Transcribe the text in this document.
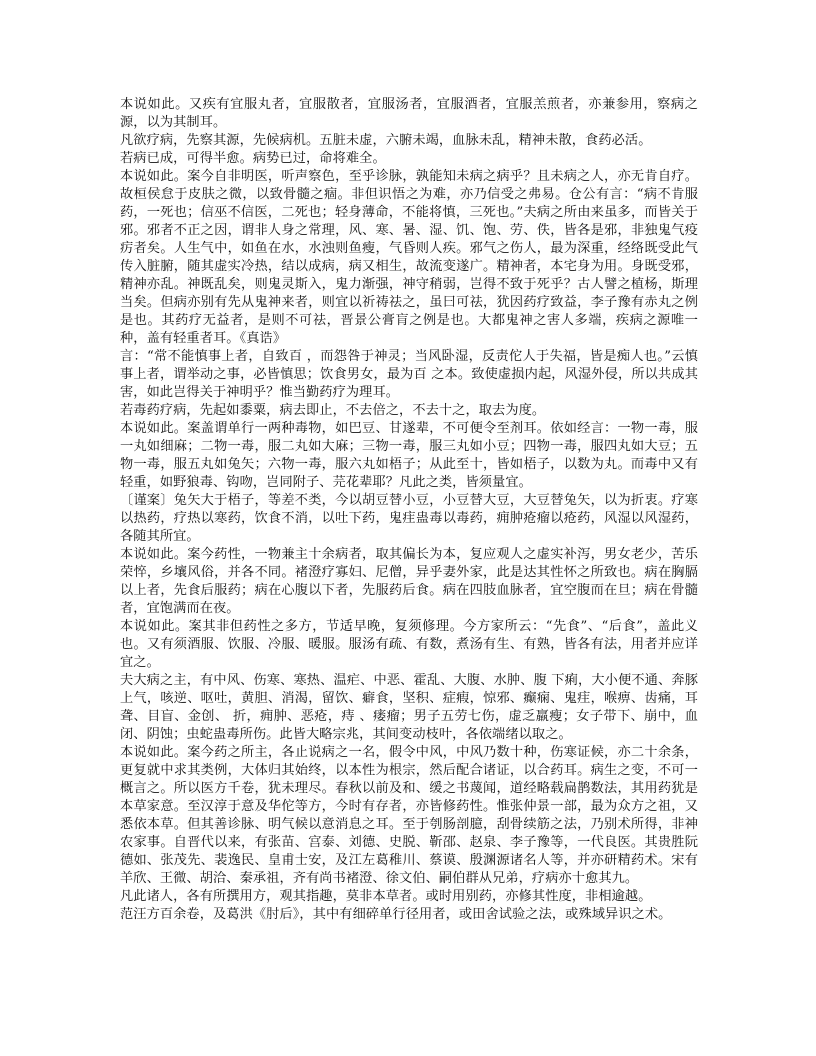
本说如此。又疾有宜服丸者，宜服散者，宜服汤者，宜服酒者，宜服羔煎者，亦兼参用，察病之源，以为其制耳。

凡欲疗病，先察其源，先候病机。五脏未虚，六腑未竭，血脉未乱，精神未散，食药必活。

若病已成，可得半愈。病势已过，命将难全。

本说如此。案今自非明医，听声察色，至乎诊脉，孰能知未病之病乎？且未病之人，亦无肯自疗。故桓侯怠于皮肤之微，以致骨髓之痼。非但识悟之为难，亦乃信受之弗易。仓公有言：“病不肯服药，一死也；信巫不信医，二死也；轻身薄命，不能将慎，三死也。”夫病之所由来虽多，而皆关于邪。邪者不正之因，谓非人身之常理，风、寒、暑、湿、饥、饱、劳、佚，皆各是邪，非独鬼气疫疠者矣。人生气中，如鱼在水，水浊则鱼瘦，气昏则人疾。邪气之伤人，最为深重，经络既受此气传入脏腑，随其虚实冷热，结以成病，病又相生，故流变遂广。精神者，本宅身为用。身既受邪，精神亦乱。神既乱矣，则鬼灵斯入，鬼力渐强，神守稍弱，岂得不致于死乎？古人譬之植杨，斯理当矣。但病亦别有先从鬼神来者，则宜以祈祷祛之，虽曰可祛，犹因药疗致益，李子豫有赤丸之例是也。其药疗无益者，是则不可祛，晋景公膏肓之例是也。大都鬼神之害人多端，疾病之源唯一种，盖有轻重者耳。《真诰》

言：“常不能慎事上者，自致百 ，而怨咎于神灵；当风卧湿，反责佗人于失福，皆是痴人也。”云慎事上者，谓举动之事，必皆慎思；饮食男女，最为百 之本。致使虚损内起，风湿外侵，所以共成其害，如此岂得关于神明乎？惟当勤药疗为理耳。

若毒药疗病，先起如黍粟，病去即止，不去倍之，不去十之，取去为度。

本说如此。案盖谓单行一两种毒物，如巴豆、甘遂辈，不可便令至剂耳。依如经言：一物一毒，服一丸如细麻；二物一毒，服二丸如大麻；三物一毒，服三丸如小豆；四物一毒，服四丸如大豆；五物一毒，服五丸如兔矢；六物一毒，服六丸如梧子；从此至十，皆如梧子，以数为丸。而毒中又有轻重，如野狼毒、钩吻，岂同附子、芫花辈耶？凡此之类，皆须量宜。

〔谨案〕兔矢大于梧子，等差不类，今以胡豆替小豆，小豆替大豆，大豆替兔矢，以为折衷。疗寒以热药，疗热以寒药，饮食不消，以吐下药，鬼疰蛊毒以毒药，痈肿疮瘤以疮药，风湿以风湿药，各随其所宜。

本说如此。案今药性，一物兼主十余病者，取其偏长为本，复应观人之虚实补泻，男女老少，苦乐荣悴，乡壤风俗，并各不同。褚澄疗寡妇、尼僧，异乎妻外家，此是达其性怀之所致也。病在胸膈以上者，先食后服药；病在心腹以下者，先服药后食。病在四肢血脉者，宜空腹而在旦；病在骨髓者，宜饱满而在夜。

本说如此。案其非但药性之多方，节适早晚，复须修理。今方家所云：“先食”、“后食”，盖此义也。又有须酒服、饮服、冷服、暖服。服汤有疏、有数，煮汤有生、有熟，皆各有法，用者并应详宜之。

夫大病之主，有中风、伤寒、寒热、温疟、中恶、霍乱、大腹、水肿、腹 下痢，大小便不通、奔豚上气，咳逆、呕吐，黄胆、消渴，留饮、癖食，坚积、症瘕，惊邪、癫痫、鬼疰，喉痹、齿痛，耳聋、目盲、金创、 折，痈肿、恶疮，痔 、瘘瘤；男子五劳七伤，虚乏羸瘦；女子带下、崩中，血闭、阴蚀；虫蛇蛊毒所伤。此皆大略宗兆，其间变动枝叶，各依端绪以取之。

本说如此。案今药之所主，各止说病之一名，假令中风，中风乃数十种，伤寒证候，亦二十余条，更复就中求其类例，大体归其始终，以本性为根宗，然后配合诸证，以合药耳。病生之变，不可一概言之。所以医方千卷，犹未理尽。春秋以前及和、缓之书蔑闻，道经略载扁鹊数法，其用药犹是本草家意。至汉淳于意及华佗等方，今时有存者，亦皆修药性。惟张仲景一部，最为众方之祖，又悉依本草。但其善诊脉、明气候以意消息之耳。至于刳肠剖臆，刮骨续筋之法，乃别术所得，非神农家事。自晋代以来，有张苗、宫泰、刘德、史脱、靳邵、赵泉、李子豫等，一代良医。其贵胜阮德如、张茂先、裴逸民、皇甫士安，及江左葛稚川、蔡谟、殷渊源诸名人等，并亦研精药术。宋有羊欣、王微、胡洽、秦承祖，齐有尚书褚澄、徐文伯、嗣伯群从兄弟，疗病亦十愈其九。

凡此诸人，各有所撰用方，观其指趣，莫非本草者。或时用别药，亦修其性度，非相逾越。

范汪方百余卷，及葛洪《肘后》，其中有细碎单行径用者，或田舍试验之法，或殊域异识之术。
